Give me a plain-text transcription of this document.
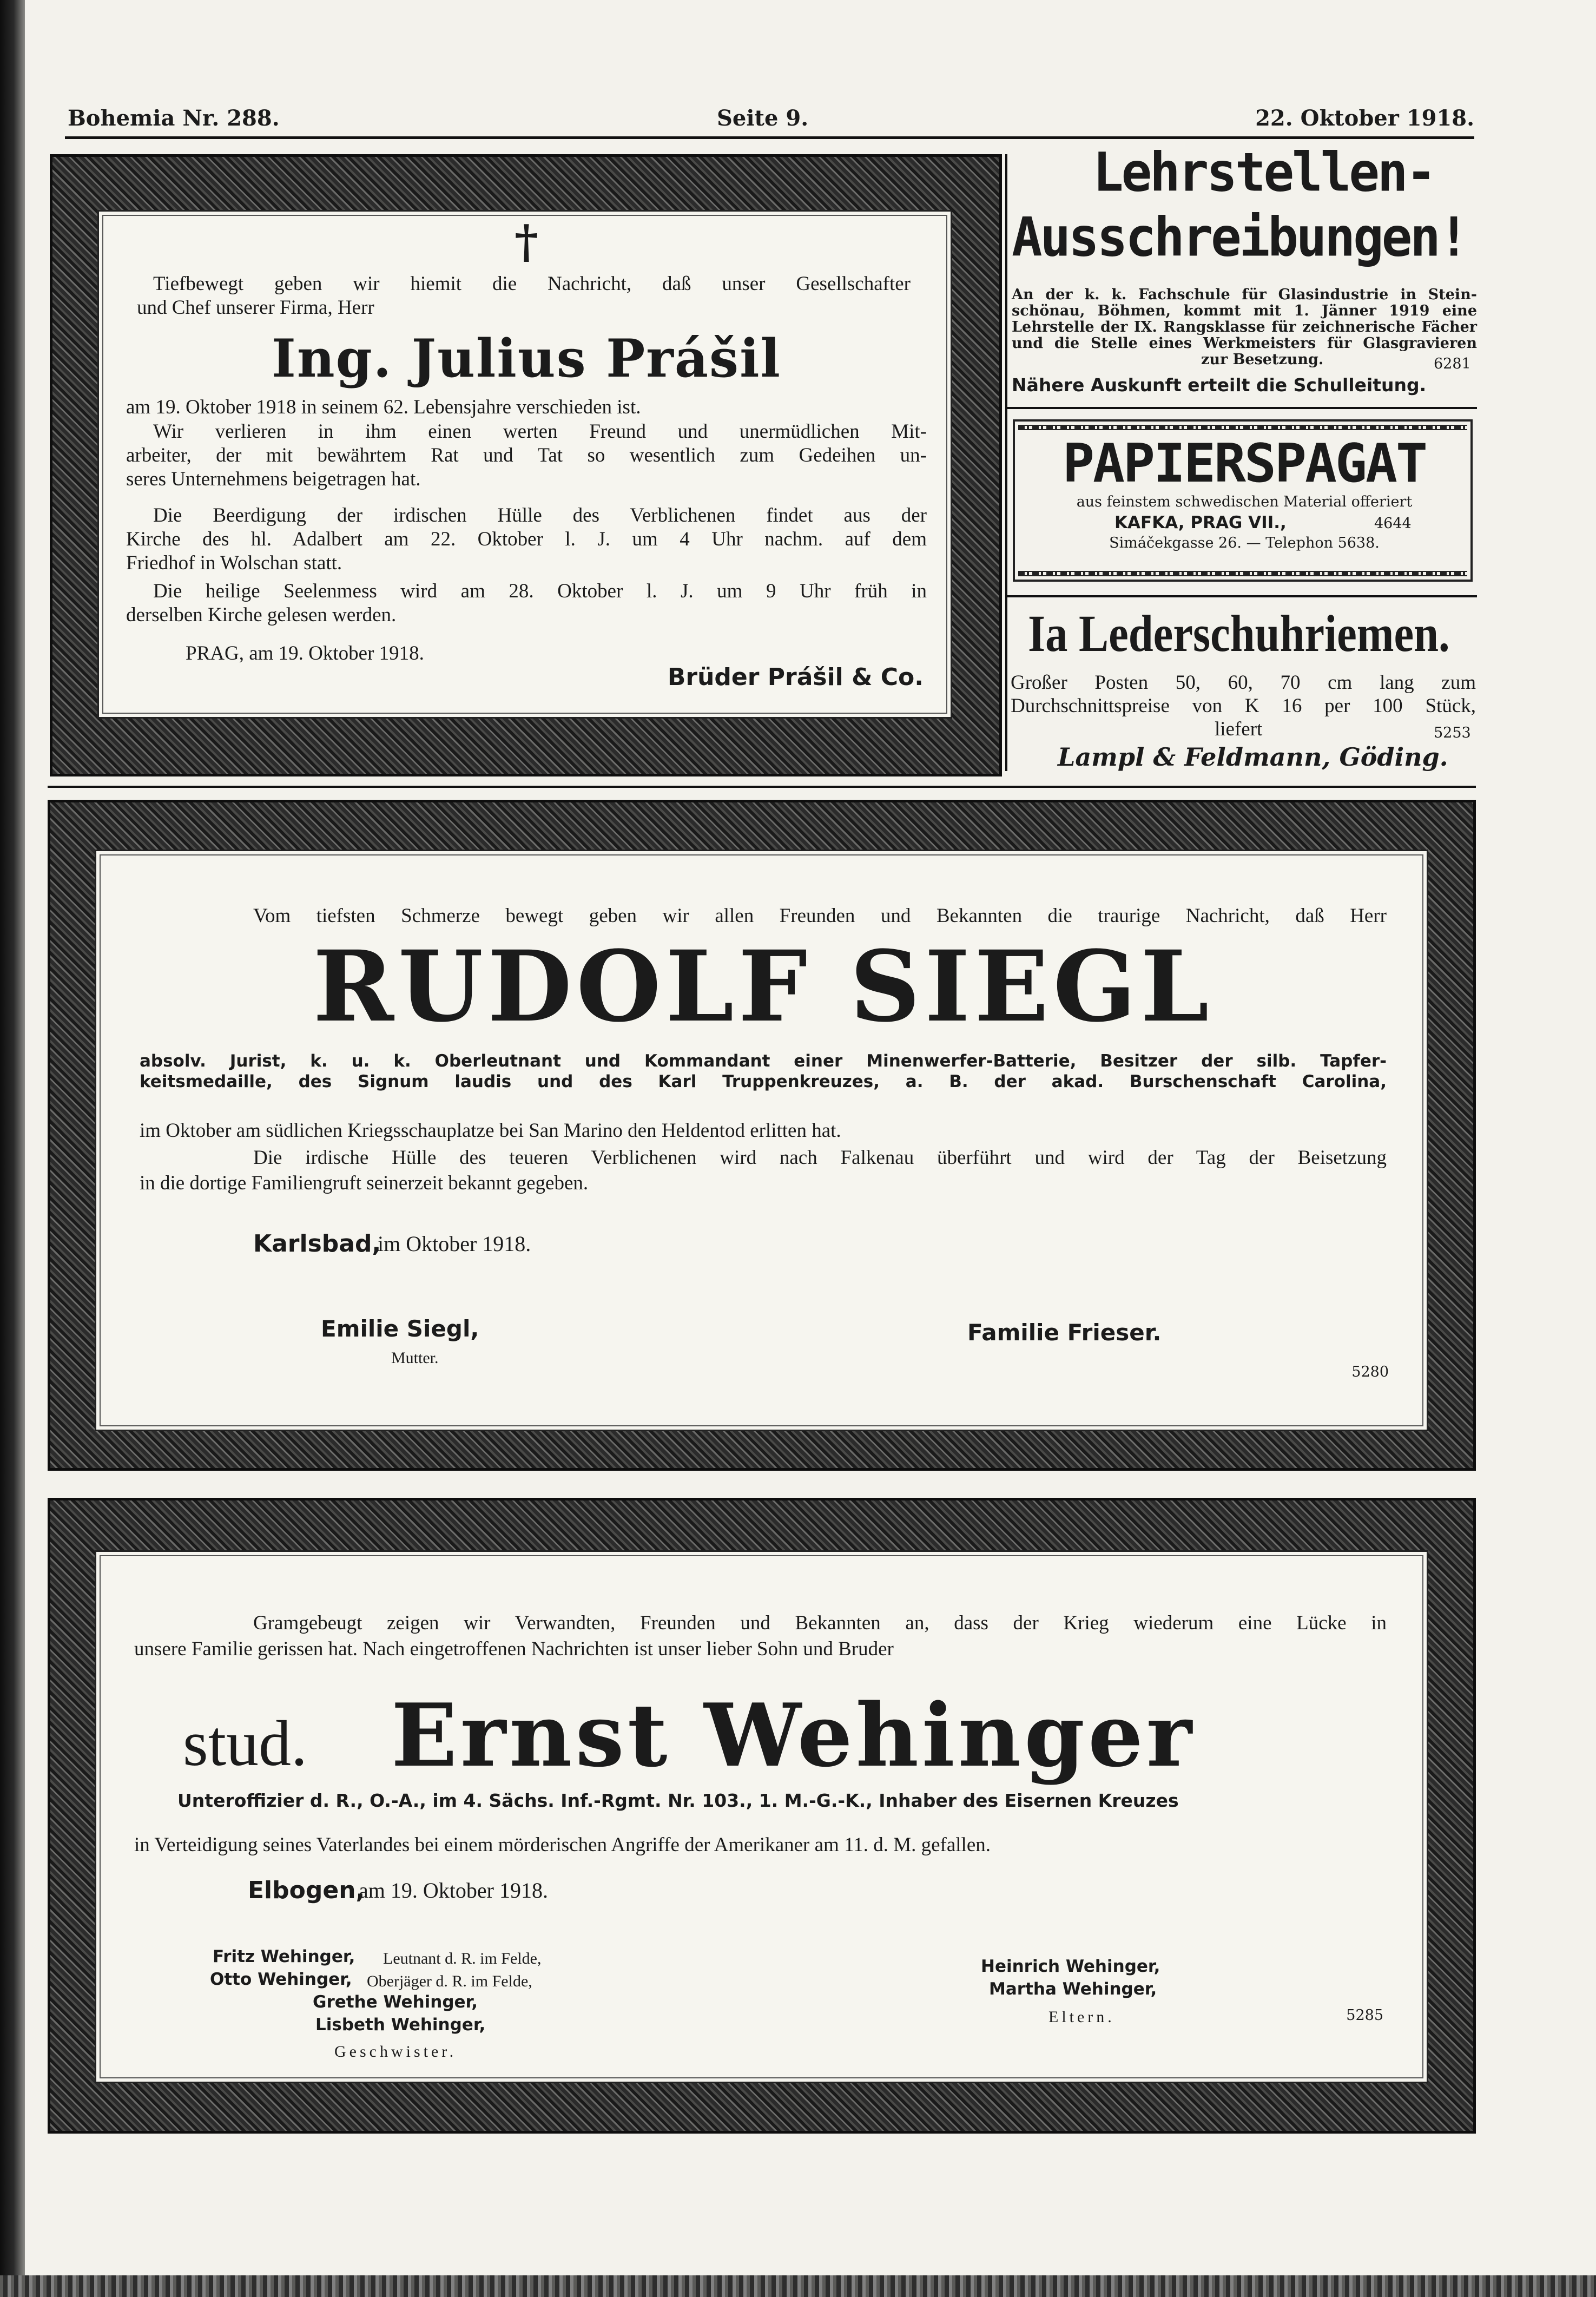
Bohemia Nr. 288.	Seite 9.	22. Oktober 1918.
†
Tiefbewegt geben wir hiemit die Nachricht, daß unser Gesellschafter
und Chef unserer Firma, Herr
Ing. Julius Prášil
am 19. Oktober 1918 in seinem 62. Lebensjahre verschieden ist.
Wir verlieren in ihm einen werten Freund und unermüdlichen Mit-
arbeiter, der mit bewährtem Rat und Tat so wesentlich zum Gedeihen un-
seres Unternehmens beigetragen hat.
Die Beerdigung der irdischen Hülle des Verblichenen findet aus der
Kirche des hl. Adalbert am 22. Oktober l. J. um 4 Uhr nachm. auf dem
Friedhof in Wolschan statt.
Die heilige Seelenmess wird am 28. Oktober l. J. um 9 Uhr früh in
derselben Kirche gelesen werden.
PRAG, am 19. Oktober 1918.
Brüder Prášil & Co.
Lehrstellen-
Ausschreibungen!
An der k. k. Fachschule für Glasindustrie in Stein-
schönau, Böhmen, kommt mit 1. Jänner 1919 eine
Lehrstelle der IX. Rangsklasse für zeichnerische Fächer
und die Stelle eines Werkmeisters für Glasgravieren
zur Besetzung.	6281
Nähere Auskunft erteilt die Schulleitung.
PAPIERSPAGAT
aus feinstem schwedischen Material offeriert
KAFKA, PRAG VII.,	4644
Simáčekgasse 26. — Telephon 5638.
Ia Lederschuhriemen.
Großer Posten 50, 60, 70 cm lang zum
Durchschnittspreise von K 16 per 100 Stück,
liefert	5253
Lampl & Feldmann, Göding.
Vom tiefsten Schmerze bewegt geben wir allen Freunden und Bekannten die traurige Nachricht, daß Herr
RUDOLF SIEGL
absolv. Jurist, k. u. k. Oberleutnant und Kommandant einer Minenwerfer-Batterie, Besitzer der silb. Tapfer-
keitsmedaille, des Signum laudis und des Karl Truppenkreuzes, a. B. der akad. Burschenschaft Carolina,
im Oktober am südlichen Kriegsschauplatze bei San Marino den Heldentod erlitten hat.
Die irdische Hülle des teueren Verblichenen wird nach Falkenau überführt und wird der Tag der Beisetzung
in die dortige Familiengruft seinerzeit bekannt gegeben.
Karlsbad,
im Oktober 1918.
Emilie Siegl,
Mutter.
Familie Frieser.
5280
Gramgebeugt zeigen wir Verwandten, Freunden und Bekannten an, dass der Krieg wiederum eine Lücke in
unsere Familie gerissen hat. Nach eingetroffenen Nachrichten ist unser lieber Sohn und Bruder
stud. Ernst Wehinger
Unteroffizier d. R., O.-A., im 4. Sächs. Inf.-Rgmt. Nr. 103., 1. M.-G.-K., Inhaber des Eisernen Kreuzes
in Verteidigung seines Vaterlandes bei einem mörderischen Angriffe der Amerikaner am 11. d. M. gefallen.
Elbogen,
am 19. Oktober 1918.
Fritz Wehinger, Leutnant d. R. im Felde,
Otto Wehinger, Oberjäger d. R. im Felde,
Grethe Wehinger,
Lisbeth Wehinger,
Geschwister.
Heinrich Wehinger,
Martha Wehinger,
Eltern.	5285
